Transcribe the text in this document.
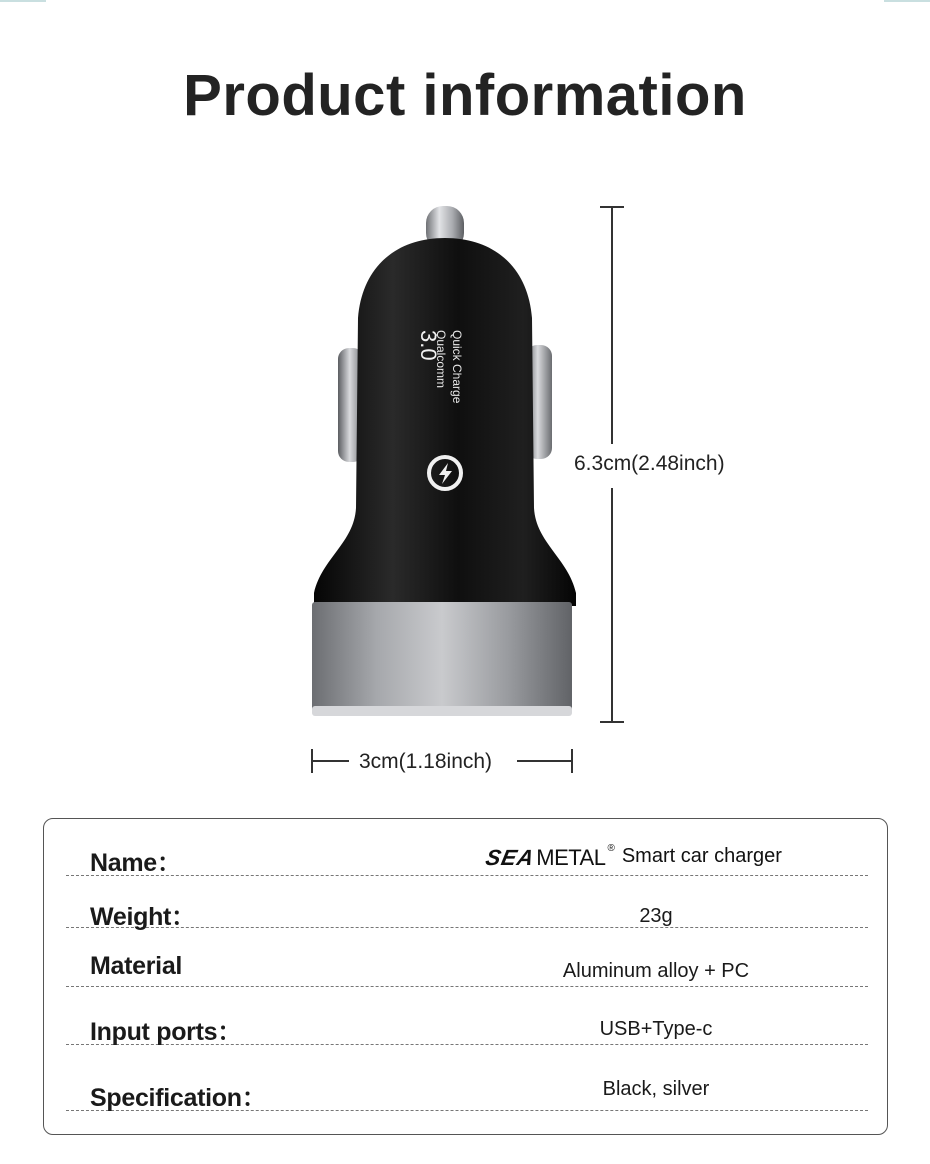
Product information
Quick Charge
Qualcomm
3.0
6.3cm(2.48inch)
3cm(1.18inch)
Name：	SEA METAL ® Smart car charger
Weight：	23g
Material	Aluminum alloy + PC
Input ports：	USB+Type-c
Specification：	Black, silver
